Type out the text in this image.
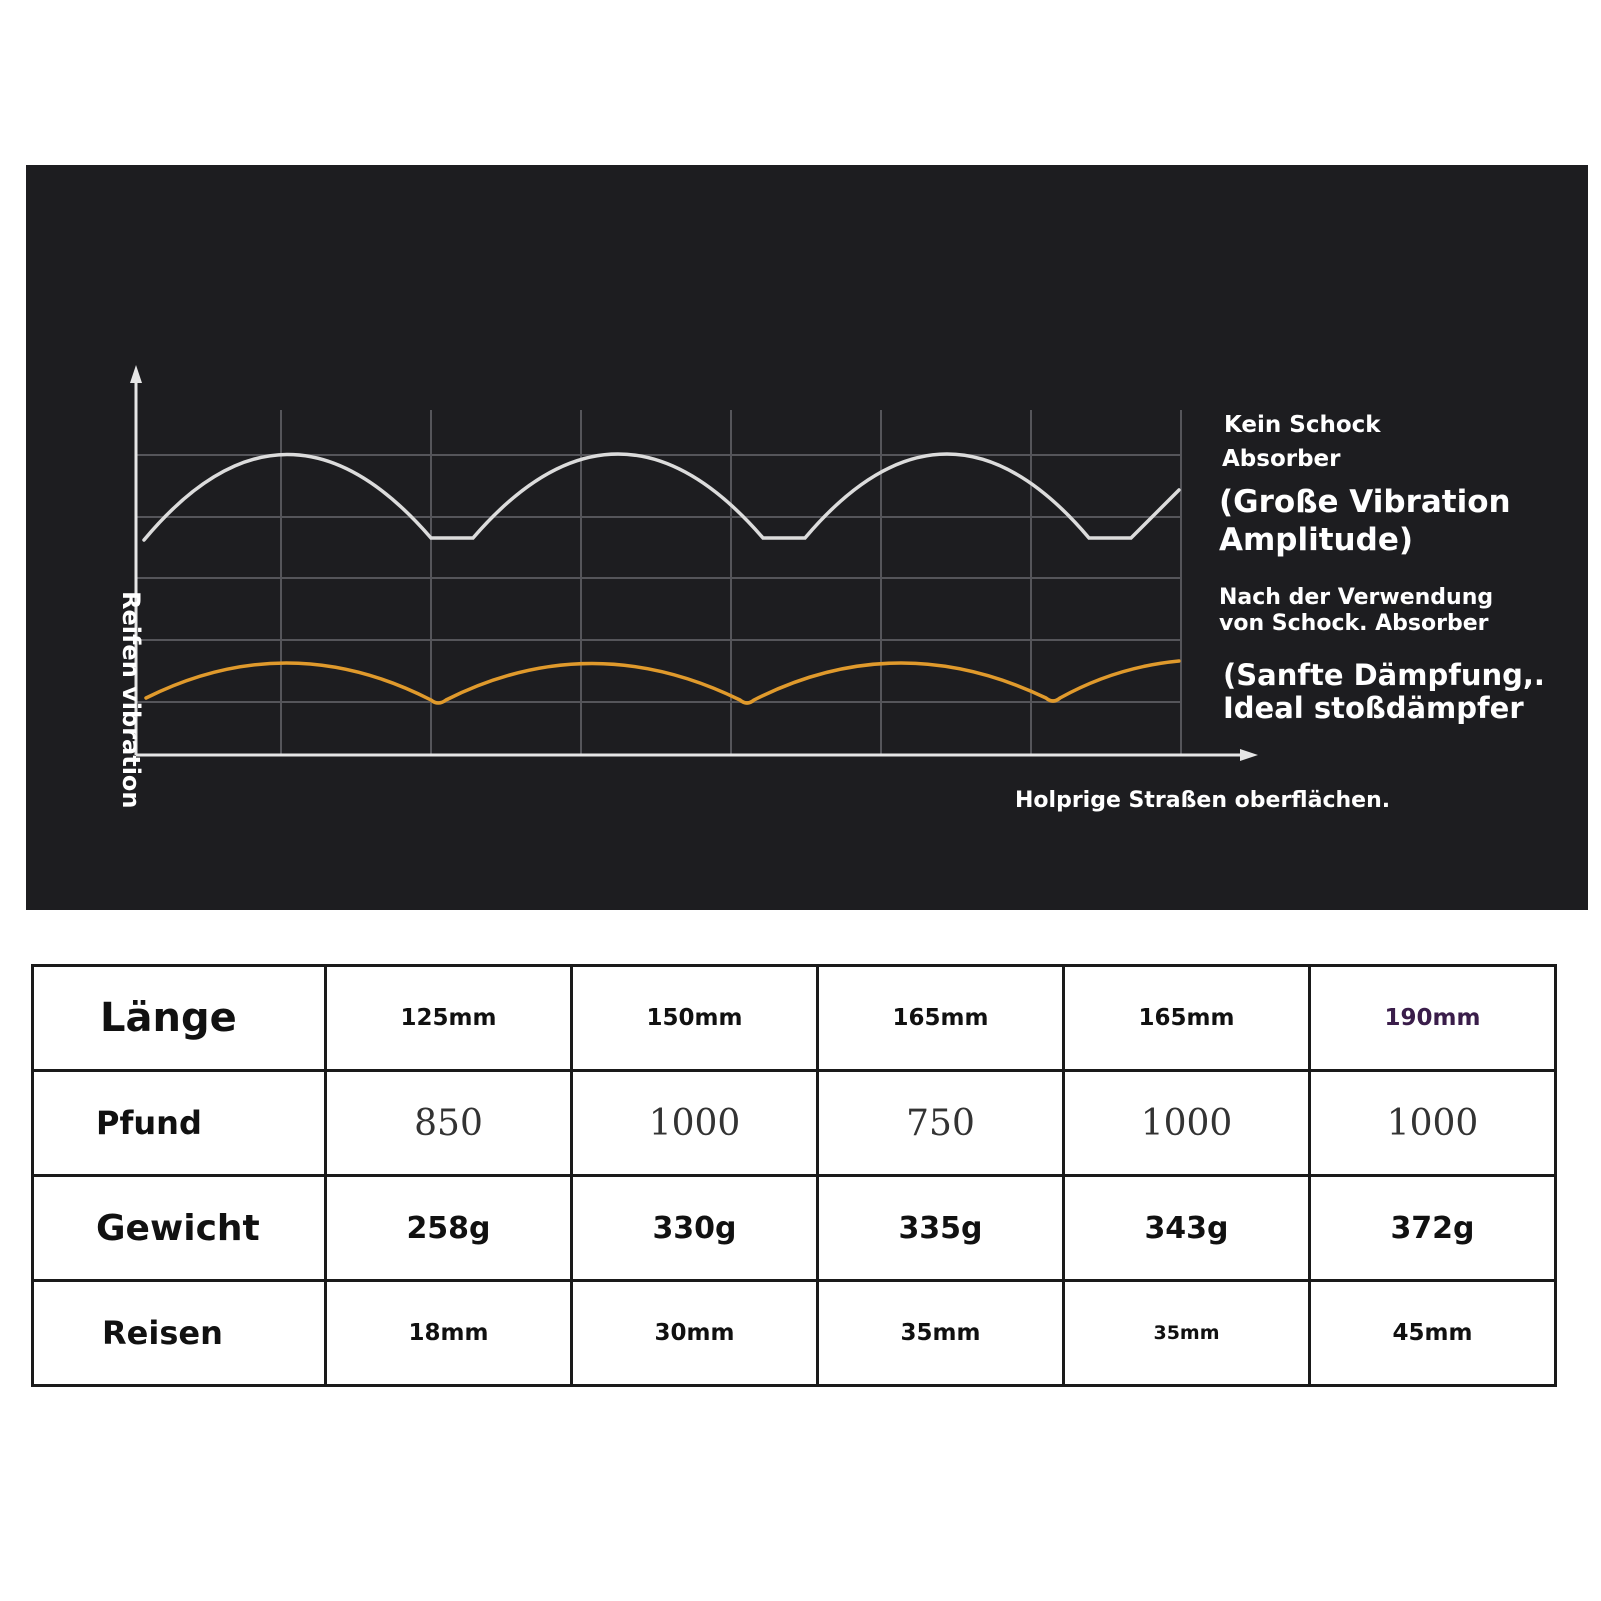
Reifen vibration
Kein Schock
Absorber
(Große Vibration
Amplitude)
Nach der Verwendung
von Schock. Absorber
(Sanfte Dämpfung,.
Ideal stoßdämpfer
Holprige Straßen oberflächen.
Länge	125mm	150mm	165mm	165mm	190mm
Pfund	850	1000	750	1000	1000
Gewicht	258g	330g	335g	343g	372g
Reisen	18mm	30mm	35mm	35mm	45mm
